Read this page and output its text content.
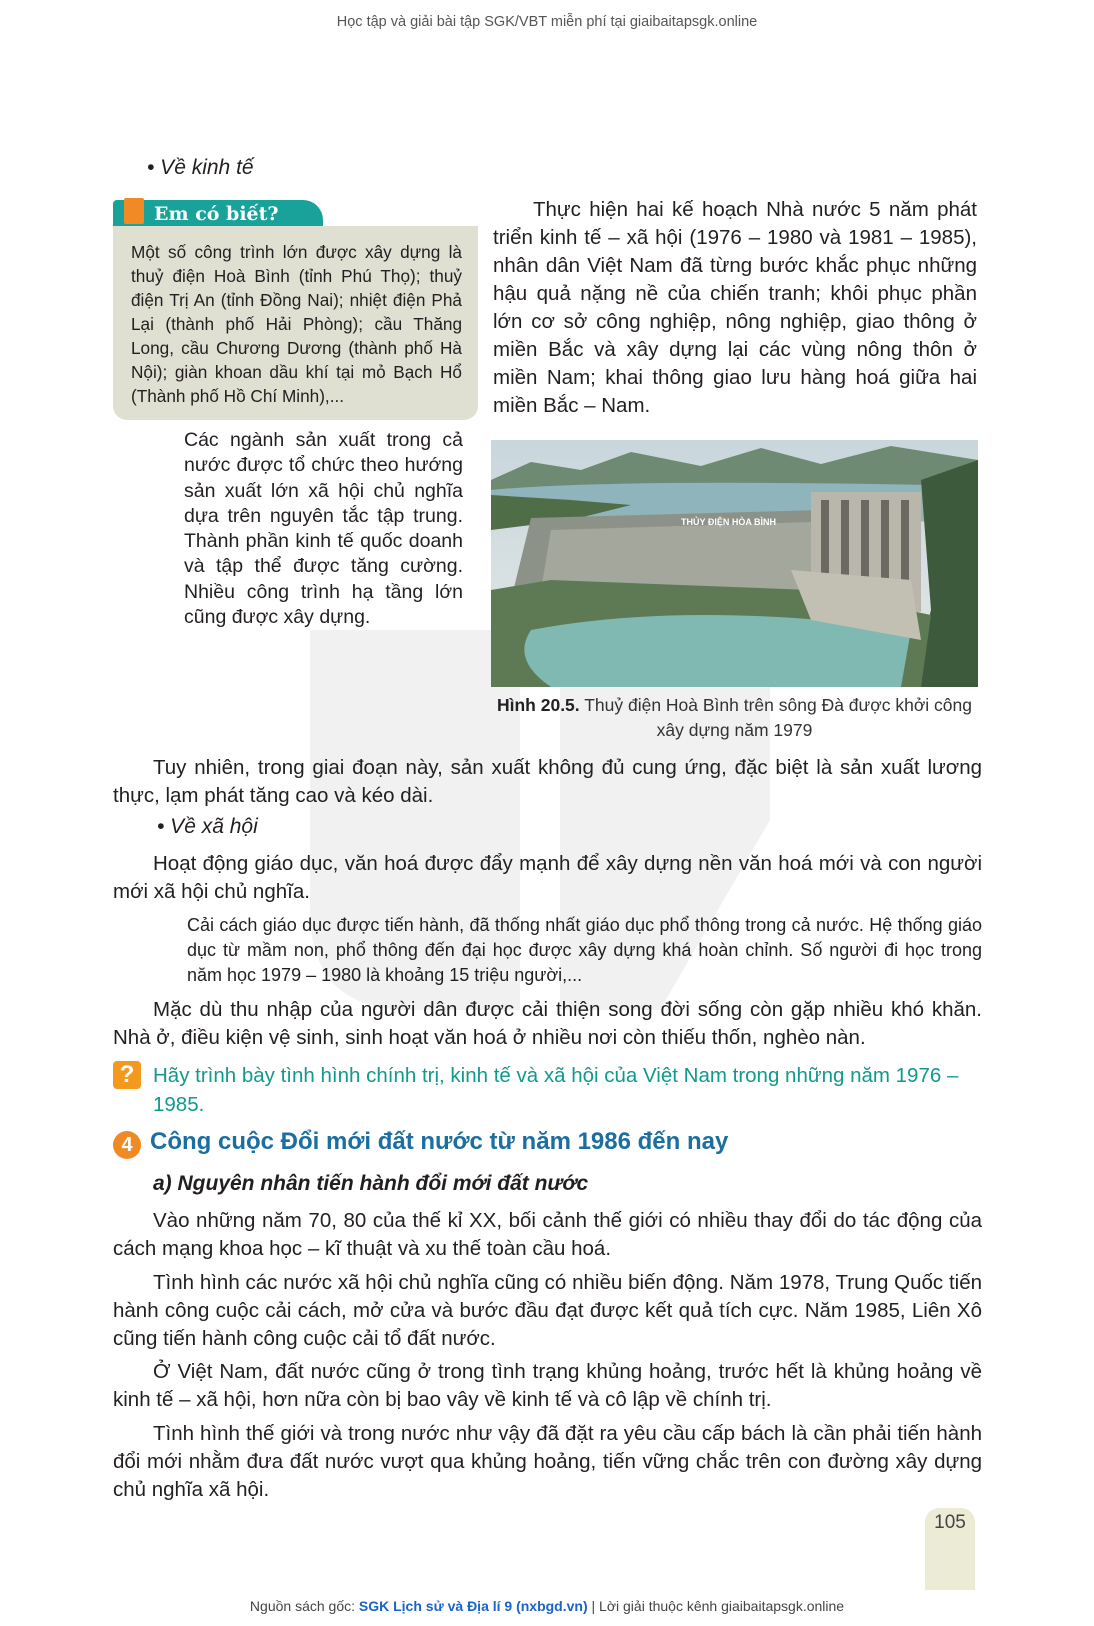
Học tập và giải bài tập SGK/VBT miễn phí tại giaibaitapsgk.online
• Về kinh tế
Em có biết?
Một số công trình lớn được xây dựng là thuỷ điện Hoà Bình (tỉnh Phú Thọ); thuỷ điện Trị An (tỉnh Đồng Nai); nhiệt điện Phả Lại (thành phố Hải Phòng); cầu Thăng Long, cầu Chương Dương (thành phố Hà Nội); giàn khoan dầu khí tại mỏ Bạch Hổ (Thành phố Hồ Chí Minh),...
Thực hiện hai kế hoạch Nhà nước 5 năm phát triển kinh tế – xã hội (1976 – 1980 và 1981 – 1985), nhân dân Việt Nam đã từng bước khắc phục những hậu quả nặng nề của chiến tranh; khôi phục phần lớn cơ sở công nghiệp, nông nghiệp, giao thông ở miền Bắc và xây dựng lại các vùng nông thôn ở miền Nam; khai thông giao lưu hàng hoá giữa hai miền Bắc – Nam.
Các ngành sản xuất trong cả nước được tổ chức theo hướng sản xuất lớn xã hội chủ nghĩa dựa trên nguyên tắc tập trung. Thành phần kinh tế quốc doanh và tập thể được tăng cường. Nhiều công trình hạ tầng lớn cũng được xây dựng.
THỦY ĐIỆN HÒA BÌNH
Hình 20.5. Thuỷ điện Hoà Bình trên sông Đà được khởi công xây dựng năm 1979
Tuy nhiên, trong giai đoạn này, sản xuất không đủ cung ứng, đặc biệt là sản xuất lương thực, lạm phát tăng cao và kéo dài.
• Về xã hội
Hoạt động giáo dục, văn hoá được đẩy mạnh để xây dựng nền văn hoá mới và con người mới xã hội chủ nghĩa.
Cải cách giáo dục được tiến hành, đã thống nhất giáo dục phổ thông trong cả nước. Hệ thống giáo dục từ mầm non, phổ thông đến đại học được xây dựng khá hoàn chỉnh. Số người đi học trong năm học 1979 – 1980 là khoảng 15 triệu người,...
Mặc dù thu nhập của người dân được cải thiện song đời sống còn gặp nhiều khó khăn. Nhà ở, điều kiện vệ sinh, sinh hoạt văn hoá ở nhiều nơi còn thiếu thốn, nghèo nàn.
? Hãy trình bày tình hình chính trị, kinh tế và xã hội của Việt Nam trong những năm 1976 – 1985.
4 Công cuộc Đổi mới đất nước từ năm 1986 đến nay
a) Nguyên nhân tiến hành đổi mới đất nước
Vào những năm 70, 80 của thế kỉ XX, bối cảnh thế giới có nhiều thay đổi do tác động của cách mạng khoa học – kĩ thuật và xu thế toàn cầu hoá.
Tình hình các nước xã hội chủ nghĩa cũng có nhiều biến động. Năm 1978, Trung Quốc tiến hành công cuộc cải cách, mở cửa và bước đầu đạt được kết quả tích cực. Năm 1985, Liên Xô cũng tiến hành công cuộc cải tổ đất nước.
Ở Việt Nam, đất nước cũng ở trong tình trạng khủng hoảng, trước hết là khủng hoảng về kinh tế – xã hội, hơn nữa còn bị bao vây về kinh tế và cô lập về chính trị.
Tình hình thế giới và trong nước như vậy đã đặt ra yêu cầu cấp bách là cần phải tiến hành đổi mới nhằm đưa đất nước vượt qua khủng hoảng, tiến vững chắc trên con đường xây dựng chủ nghĩa xã hội.
105
Nguồn sách gốc: SGK Lịch sử và Địa lí 9 (nxbgd.vn) | Lời giải thuộc kênh giaibaitapsgk.online
